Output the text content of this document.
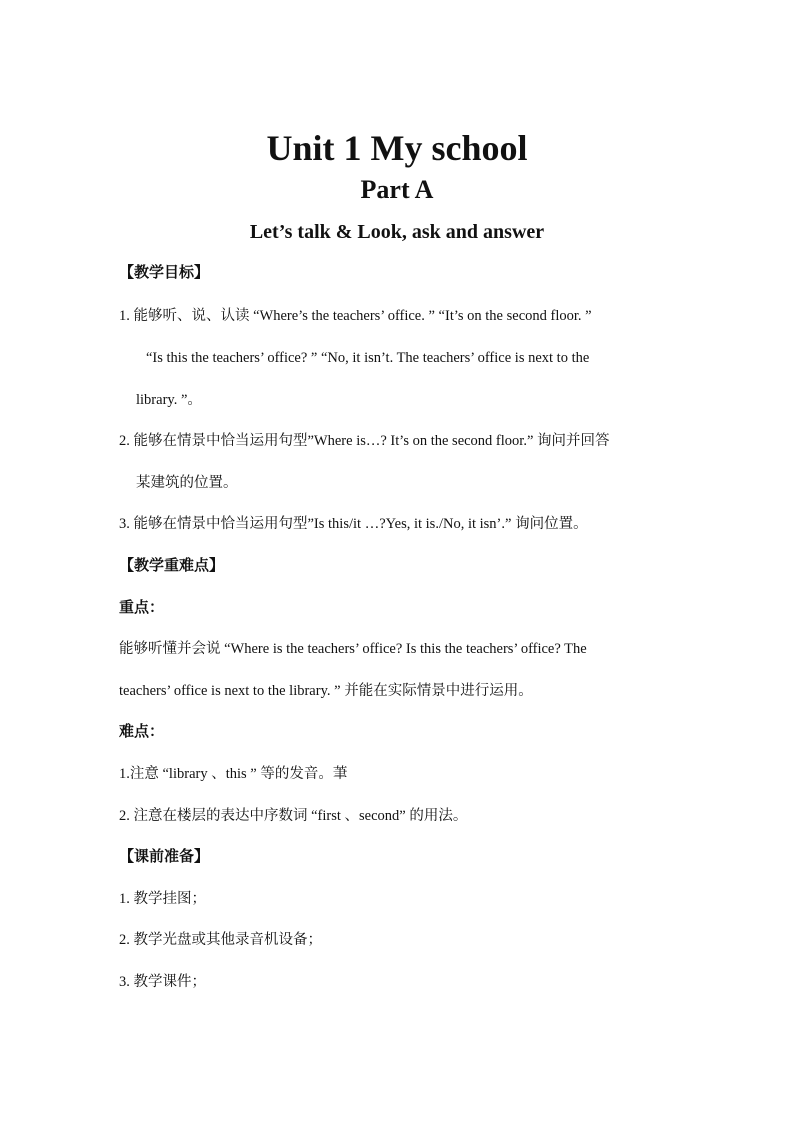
Unit 1 My school
Part A
Let’s talk & Look, ask and answer
【教学目标】
1. 能够听、说、认读 “Where’s the teachers’ office. ” “It’s on the second floor. ”
“Is this the teachers’ office? ” “No, it isn’t. The teachers’ office is next to the
library. ”。
2. 能够在情景中恰当运用句型”Where is…? It’s on the second floor.” 询问并回答
某建筑的位置。
3. 能够在情景中恰当运用句型”Is this/it …?Yes, it is./No, it isn’.” 询问位置。
【教学重难点】
重点：
能够听懂并会说 “Where is the teachers’ office? Is this the teachers’ office? The
teachers’ office is next to the library. ” 并能在实际情景中进行运用。
难点：
1.注意 “library 、this ” 等的发音。茟
2. 注意在楼层的表达中序数词 “first 、second” 的用法。
【课前准备】
1. 教学挂图；
2. 教学光盘或其他录音机设备；
3. 教学课件；
